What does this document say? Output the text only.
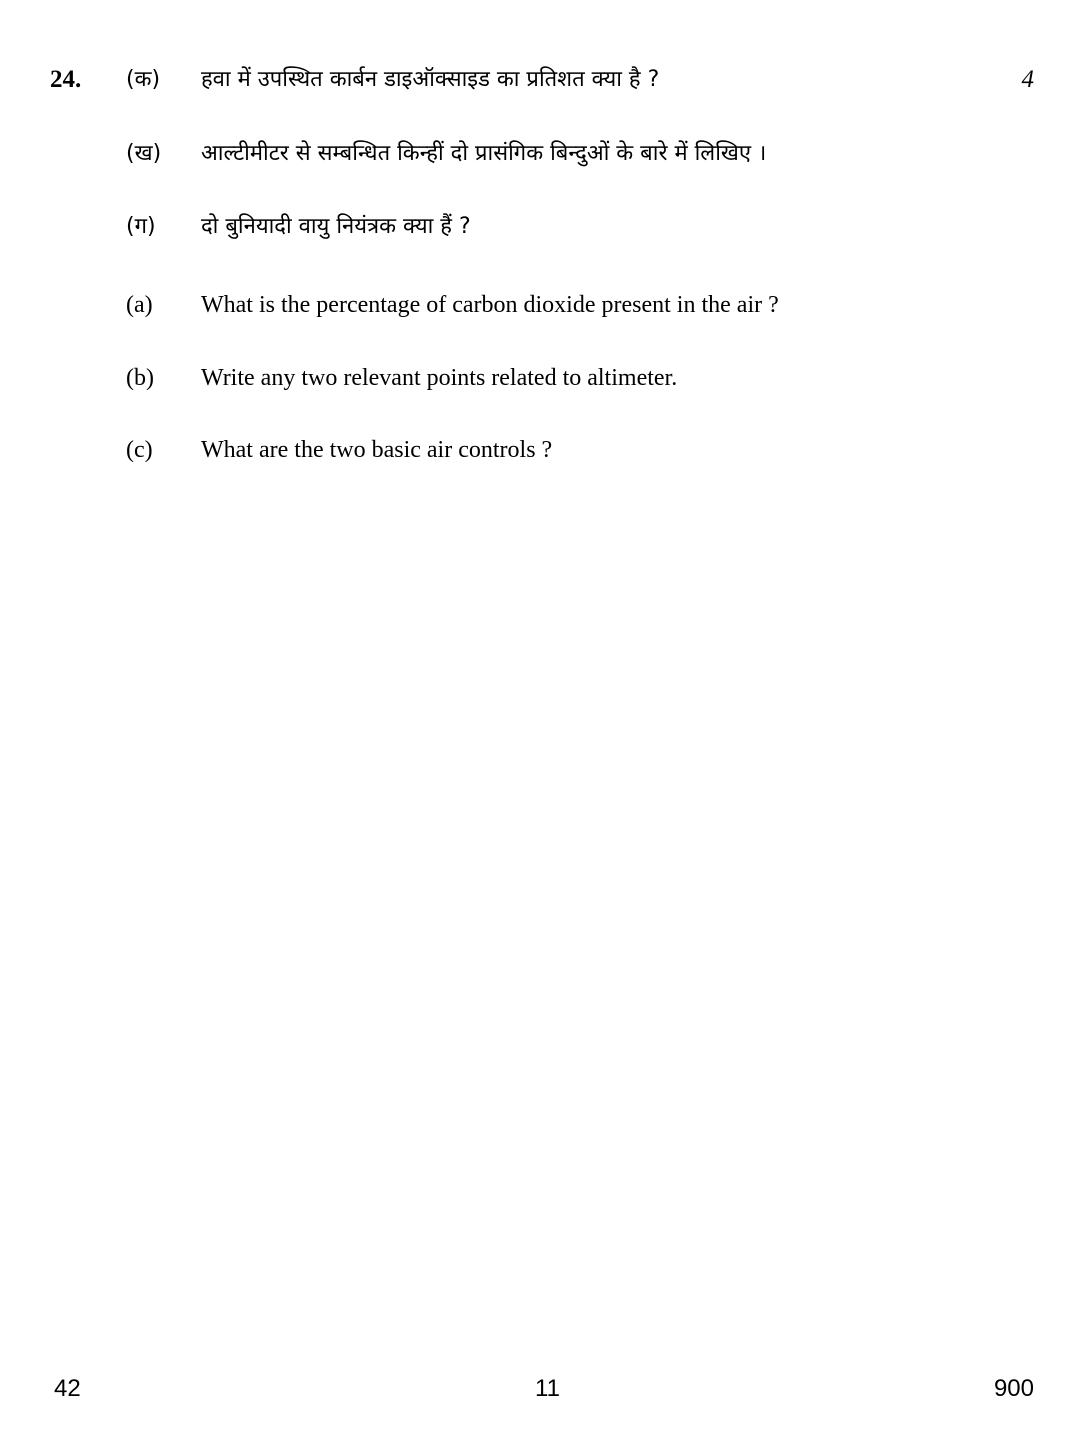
24.	4
(क) हवा में उपस्थित कार्बन डाइऑक्साइड का प्रतिशत क्या है ?
(ख) आल्टीमीटर से सम्बन्धित किन्हीं दो प्रासंगिक बिन्दुओं के बारे में लिखिए ।
(ग) दो बुनियादी वायु नियंत्रक क्या हैं ?
(a) What is the percentage of carbon dioxide present in the air ?
(b) Write any two relevant points related to altimeter.
(c) What are the two basic air controls ?
42	11	900
